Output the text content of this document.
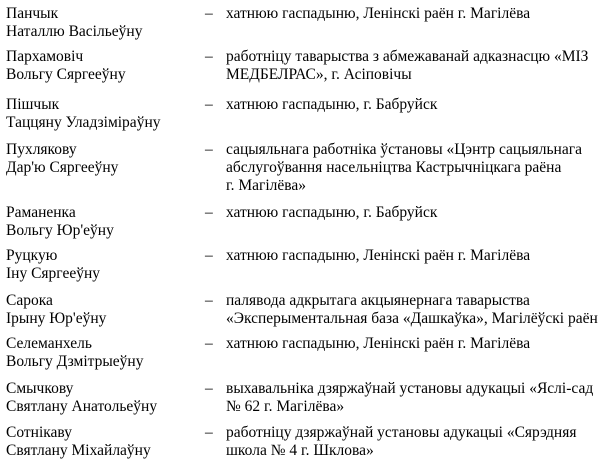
Панчык
Наталлю Васільеўну
– хатнюю гаспадыню, Ленінскі раён г. Магілёва
Пархамовіч
Вольгу Сяргееўну
– работніцу таварыства з абмежаванай адказнасцю «МІЗ
МЕДБЕЛРАС», г. Асіповічы
Пішчык
Таццяну Уладзіміраўну
– хатнюю гаспадыню, г. Бабруйск
Пухлякову
Дар'ю Сяргееўну
– сацыяльнага работніка ўстановы «Цэнтр сацыяльнага
абслугоўвання насельніцтва Кастрычніцкага раёна
г. Магілёва»
Раманенка
Вольгу Юр'еўну
– хатнюю гаспадыню, г. Бабруйск
Руцкую
Іну Сяргееўну
– хатнюю гаспадыню, Ленінскі раён г. Магілёва
Сарока
Ірыну Юр'еўну
– палявода адкрытага акцыянернага таварыства
«Эксперыментальная база «Дашкаўка», Магілёўскі раён
Селеманхель
Вольгу Дзмітрыеўну
– хатнюю гаспадыню, Ленінскі раён г. Магілёва
Смычкову
Святлану Анатольеўну
– выхавальніка дзяржаўнай установы адукацыі «Яслі-сад
№ 62 г. Магілёва»
Сотнікаву
Святлану Міхайлаўну
– работніцу дзяржаўнай установы адукацыі «Сярэдняя
школа № 4 г. Шклова»
